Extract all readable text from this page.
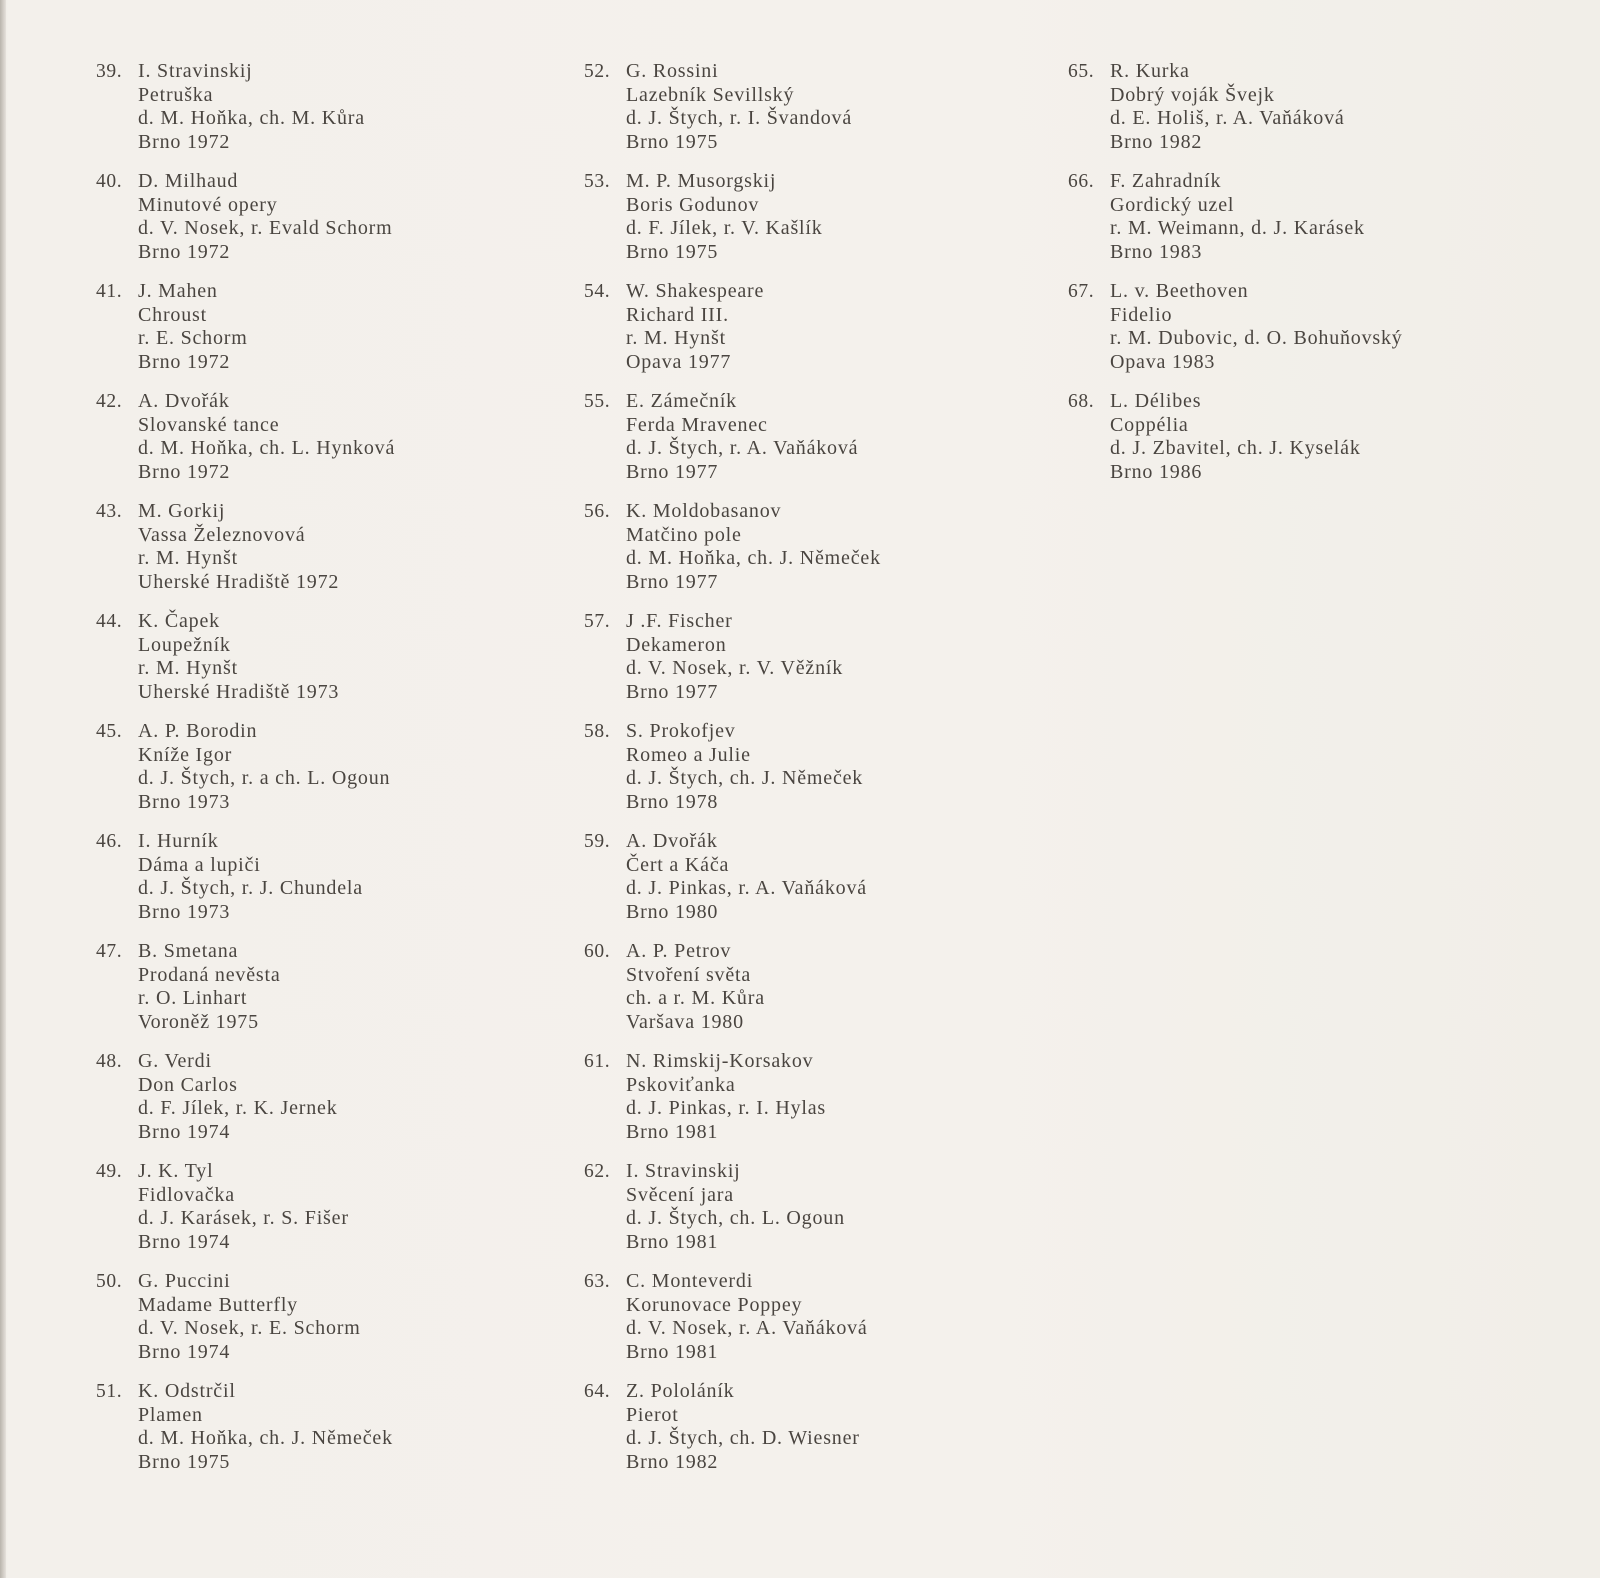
39. I. Stravinskij
Petruška
d. M. Hoňka, ch. M. Kůra
Brno 1972
40. D. Milhaud
Minutové opery
d. V. Nosek, r. Evald Schorm
Brno 1972
41. J. Mahen
Chroust
r. E. Schorm
Brno 1972
42. A. Dvořák
Slovanské tance
d. M. Hoňka, ch. L. Hynková
Brno 1972
43. M. Gorkij
Vassa Železnovová
r. M. Hynšt
Uherské Hradiště 1972
44. K. Čapek
Loupežník
r. M. Hynšt
Uherské Hradiště 1973
45. A. P. Borodin
Kníže Igor
d. J. Štych, r. a ch. L. Ogoun
Brno 1973
46. I. Hurník
Dáma a lupiči
d. J. Štych, r. J. Chundela
Brno 1973
47. B. Smetana
Prodaná nevěsta
r. O. Linhart
Voroněž 1975
48. G. Verdi
Don Carlos
d. F. Jílek, r. K. Jernek
Brno 1974
49. J. K. Tyl
Fidlovačka
d. J. Karásek, r. S. Fišer
Brno 1974
50. G. Puccini
Madame Butterfly
d. V. Nosek, r. E. Schorm
Brno 1974
51. K. Odstrčil
Plamen
d. M. Hoňka, ch. J. Němeček
Brno 1975
52. G. Rossini
Lazebník Sevillský
d. J. Štych, r. I. Švandová
Brno 1975
53. M. P. Musorgskij
Boris Godunov
d. F. Jílek, r. V. Kašlík
Brno 1975
54. W. Shakespeare
Richard III.
r. M. Hynšt
Opava 1977
55. E. Zámečník
Ferda Mravenec
d. J. Štych, r. A. Vaňáková
Brno 1977
56. K. Moldobasanov
Matčino pole
d. M. Hoňka, ch. J. Němeček
Brno 1977
57. J .F. Fischer
Dekameron
d. V. Nosek, r. V. Věžník
Brno 1977
58. S. Prokofjev
Romeo a Julie
d. J. Štych, ch. J. Němeček
Brno 1978
59. A. Dvořák
Čert a Káča
d. J. Pinkas, r. A. Vaňáková
Brno 1980
60. A. P. Petrov
Stvoření světa
ch. a r. M. Kůra
Varšava 1980
61. N. Rimskij-Korsakov
Pskoviťanka
d. J. Pinkas, r. I. Hylas
Brno 1981
62. I. Stravinskij
Svěcení jara
d. J. Štych, ch. L. Ogoun
Brno 1981
63. C. Monteverdi
Korunovace Poppey
d. V. Nosek, r. A. Vaňáková
Brno 1981
64. Z. Pololáník
Pierot
d. J. Štych, ch. D. Wiesner
Brno 1982
65. R. Kurka
Dobrý voják Švejk
d. E. Holiš, r. A. Vaňáková
Brno 1982
66. F. Zahradník
Gordický uzel
r. M. Weimann, d. J. Karásek
Brno 1983
67. L. v. Beethoven
Fidelio
r. M. Dubovic, d. O. Bohuňovský
Opava 1983
68. L. Délibes
Coppélia
d. J. Zbavitel, ch. J. Kyselák
Brno 1986
